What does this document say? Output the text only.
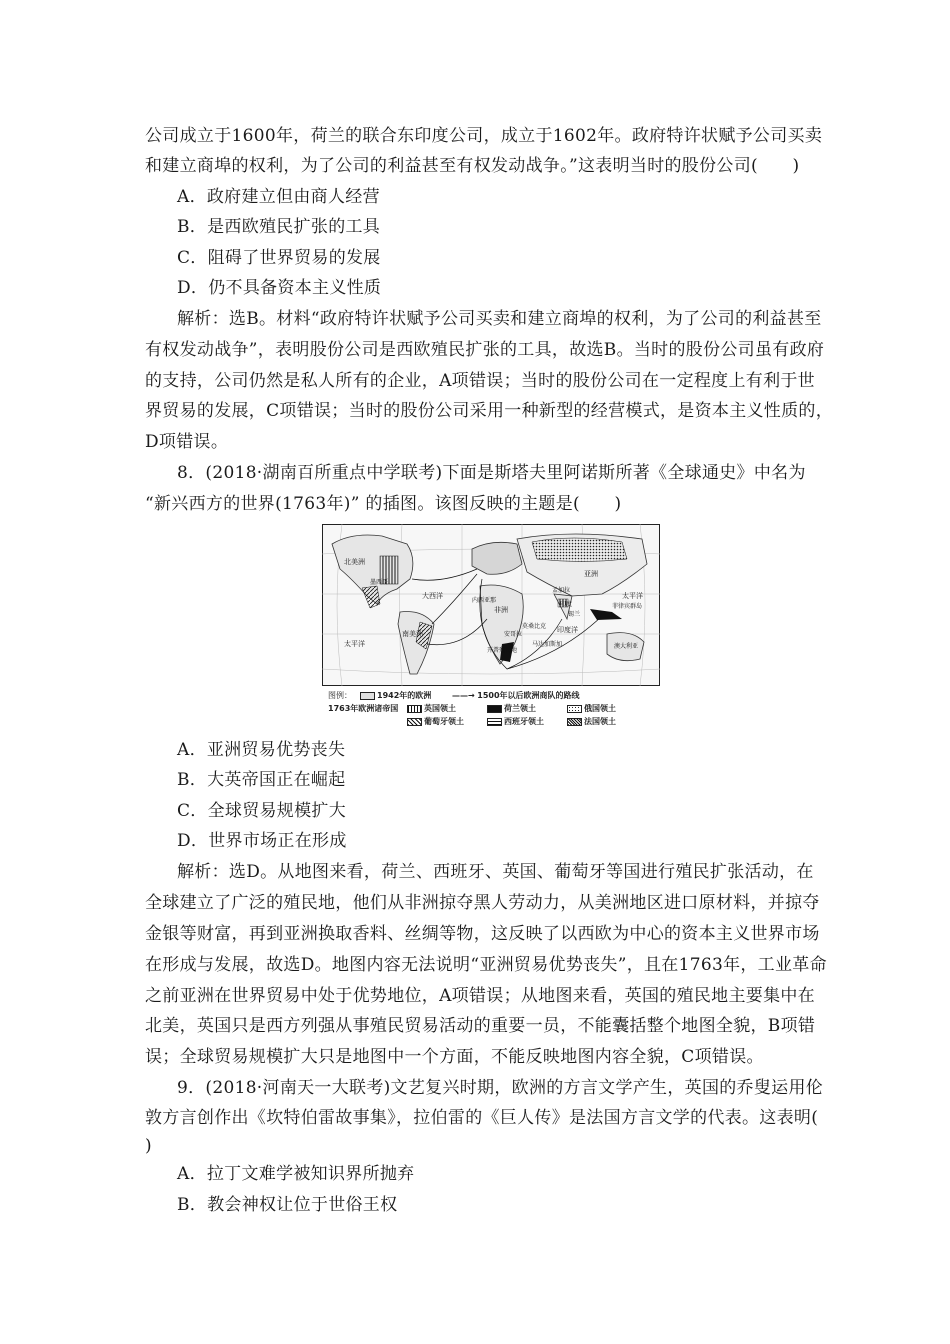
公司成立于1600年，荷兰的联合东印度公司，成立于1602年。政府特许状赋予公司买卖
和建立商埠的权利，为了公司的利益甚至有权发动战争。”这表明当时的股份公司(　　)
A．政府建立但由商人经营
B．是西欧殖民扩张的工具
C．阻碍了世界贸易的发展
D．仍不具备资本主义性质
解析：选B。材料“政府特许状赋予公司买卖和建立商埠的权利，为了公司的利益甚至
有权发动战争”，表明股份公司是西欧殖民扩张的工具，故选B。当时的股份公司虽有政府
的支持，公司仍然是私人所有的企业，A项错误；当时的股份公司在一定程度上有利于世
界贸易的发展，C项错误；当时的股份公司采用一种新型的经营模式，是资本主义性质的，
D项错误。
8．(2018·湖南百所重点中学联考)下面是斯塔夫里阿诺斯所著《全球通史》中名为
“新兴西方的世界(1763年)” 的插图。该图反映的主题是(　　)
北美洲
大西洋
南美洲
太平洋
非洲
亚洲
孟加拉
印度洋
太平洋
菲律宾群岛
澳大利亚
开普殖民地
内西亚那
安哥拉
莫桑比克
马达加斯加
锡兰
墨西哥
印度
图例：	1942年的欧洲	——→ 1500年以后欧洲商队的路线
1763年欧洲诸帝国	英国领土	荷兰领土	俄国领土
葡萄牙领土	西班牙领土	法国领土
A．亚洲贸易优势丧失
B．大英帝国正在崛起
C．全球贸易规模扩大
D．世界市场正在形成
解析：选D。从地图来看，荷兰、西班牙、英国、葡萄牙等国进行殖民扩张活动，在
全球建立了广泛的殖民地，他们从非洲掠夺黑人劳动力，从美洲地区进口原材料，并掠夺
金银等财富，再到亚洲换取香料、丝绸等物，这反映了以西欧为中心的资本主义世界市场
在形成与发展，故选D。地图内容无法说明“亚洲贸易优势丧失”，且在1763年，工业革命
之前亚洲在世界贸易中处于优势地位，A项错误；从地图来看，英国的殖民地主要集中在
北美，英国只是西方列强从事殖民贸易活动的重要一员，不能囊括整个地图全貌，B项错
误；全球贸易规模扩大只是地图中一个方面，不能反映地图内容全貌，C项错误。
9．(2018·河南天一大联考)文艺复兴时期，欧洲的方言文学产生，英国的乔叟运用伦
敦方言创作出《坎特伯雷故事集》，拉伯雷的《巨人传》是法国方言文学的代表。这表明(
)
A．拉丁文难学被知识界所抛弃
B．教会神权让位于世俗王权
